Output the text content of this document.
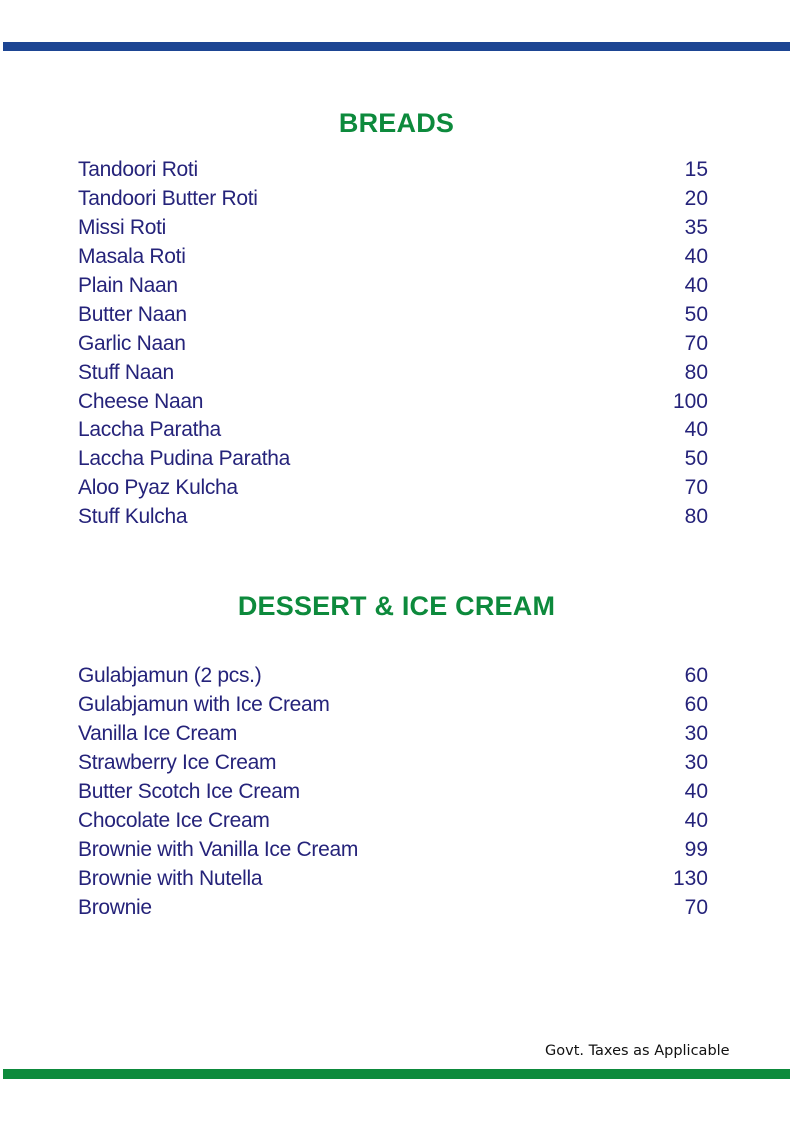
BREADS
Tandoori Roti	15
Tandoori Butter Roti	20
Missi Roti	35
Masala Roti	40
Plain Naan	40
Butter Naan	50
Garlic Naan	70
Stuff Naan	80
Cheese Naan	100
Laccha Paratha	40
Laccha Pudina Paratha	50
Aloo Pyaz Kulcha	70
Stuff Kulcha	80
DESSERT & ICE CREAM
Gulabjamun (2 pcs.)	60
Gulabjamun with Ice Cream	60
Vanilla Ice Cream	30
Strawberry Ice Cream	30
Butter Scotch Ice Cream	40
Chocolate Ice Cream	40
Brownie with Vanilla Ice Cream	99
Brownie with Nutella	130
Brownie	70
Govt. Taxes as Applicable
